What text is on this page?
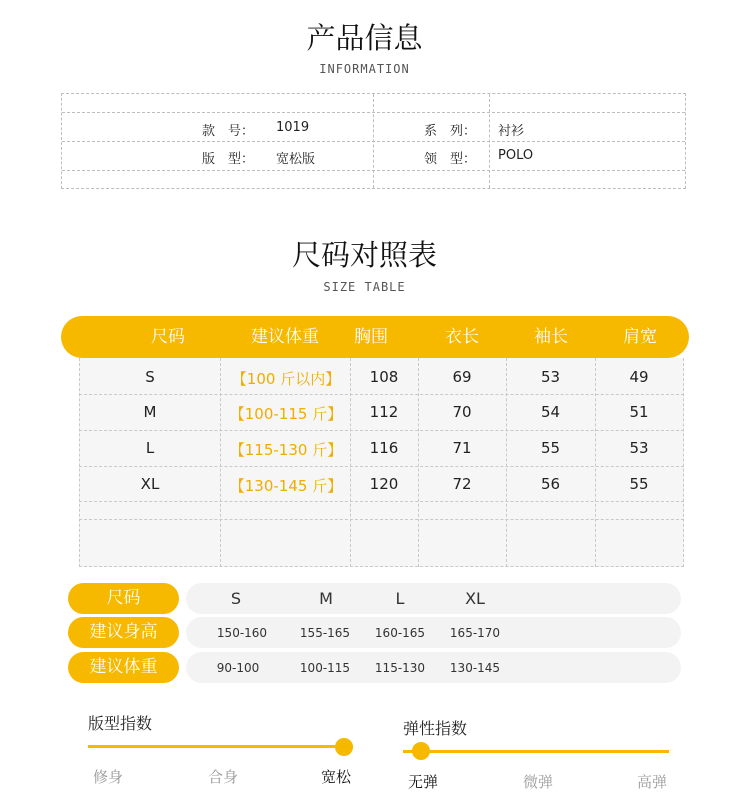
产品信息
INFORMATION
款　号： 1019	系　列： 衬衫
版　型： 宽松版	领　型： POLO
尺码对照表
SIZE TABLE
尺码	建议体重	胸围	衣长	袖长	肩宽
S	【100 斤以内】	108	69	53	49
M	【100-115 斤】	112	70	54	51
L	【115-130 斤】	116	71	55	53
XL	【130-145 斤】	120	72	56	55
尺码	S	M	L	XL
建议身高	150-160	155-165	160-165	165-170
建议体重	90-100	100-115	115-130	130-145
版型指数
修身	合身	宽松
弹性指数
无弹	微弹	高弹
